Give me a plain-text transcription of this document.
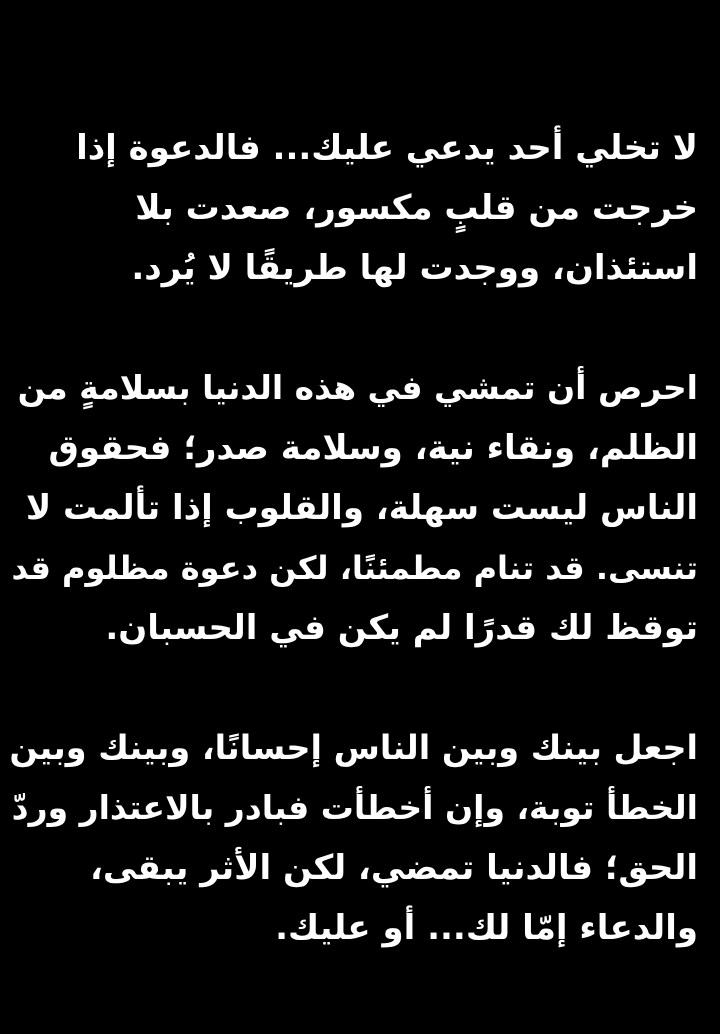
لا تخلي أحد يدعي عليك... فالدعوة إذا
خرجت من قلبٍ مكسور، صعدت بلا
استئذان، ووجدت لها طريقًا لا يُرد.
احرص أن تمشي في هذه الدنيا بسلامةٍ من
الظلم، ونقاء نية، وسلامة صدر؛ فحقوق
الناس ليست سهلة، والقلوب إذا تألمت لا
تنسى. قد تنام مطمئنًا، لكن دعوة مظلوم قد
توقظ لك قدرًا لم يكن في الحسبان.
اجعل بينك وبين الناس إحسانًا، وبينك وبين
الخطأ توبة، وإن أخطأت فبادر بالاعتذار وردّ
الحق؛ فالدنيا تمضي، لكن الأثر يبقى،
والدعاء إمّا لك... أو عليك.
